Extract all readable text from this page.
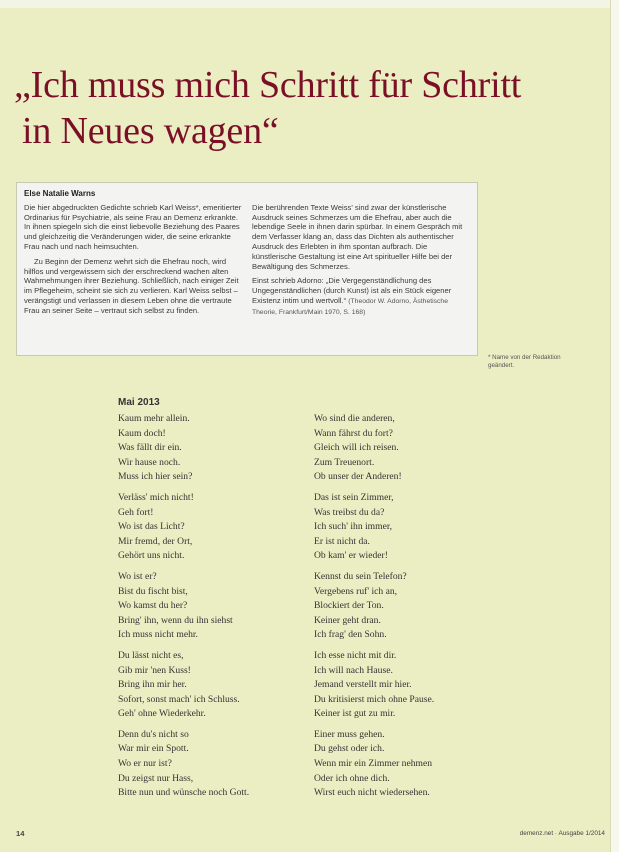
„Ich muss mich Schritt für Schritt
in Neues wagen“
Else Natalie Warns

Die hier abgedruckten Gedichte schrieb Karl Weiss*, emeritierter Ordinarius für Psychiatrie, als seine Frau an Demenz erkrankte. In ihnen spiegeln sich die einst liebevolle Beziehung des Paares und gleichzeitig die Veränderungen wider, die seine erkrankte Frau nach und nach heimsuchten.

Zu Beginn der Demenz wehrt sich die Ehefrau noch, wird hilflos und vergewissern sich der erschreckend wachen alten Wahrnehmungen ihrer Beziehung. Schließlich, nach einiger Zeit im Pflegeheim, scheint sie sich zu verlieren. Karl Weiss selbst – verängstigt und verlassen in diesem Leben ohne die vertraute Frau an seiner Seite – vertraut sich selbst zu finden.

Die berührenden Texte Weiss' sind zwar der künstlerische Ausdruck seines Schmerzes um die Ehefrau, aber auch die lebendige Seele in ihnen darin spürbar. In einem Gespräch mit dem Verfasser klang an, dass das Dichten als authentischer Ausdruck des Erlebten in ihm spontan aufbrach. Die künstlerische Gestaltung ist eine Art spiritueller Hilfe bei der Bewältigung des Schmerzes.

Einst schrieb Adorno: „Die Vergegenständlichung des Ungegenständlichen (durch Kunst) ist als ein Stück eigener Existenz intim und wertvoll.“ (Theodor W. Adorno, Ästhetische Theorie, Frankfurt/Main 1970, S. 168)

* Name von der Redaktion geändert.
Mai 2013
Kaum mehr allein.
Kaum doch!
Was fällt dir ein.
Wir hause noch.
Muss ich hier sein?
Verläss' mich nicht!
Geh fort!
Wo ist das Licht?
Mir fremd, der Ort,
Gehört uns nicht.
Wo ist er?
Bist du fischt bist,
Wo kamst du her?
Bring' ihn, wenn du ihn siehst
Ich muss nicht mehr.
Du lässt nicht es,
Gib mir 'nen Kuss!
Bring ihn mir her.
Sofort, sonst mach' ich Schluss.
Geh' ohne Wiederkehr.
Denn du's nicht so
War mir ein Spott.
Wo er nur ist?
Du zeigst nur Hass,
Bitte nun und wünsche noch Gott.
Wo sind die anderen,
Wann fährst du fort?
Gleich will ich reisen.
Zum Treuenort.
Ob unser der Anderen!
Das ist sein Zimmer,
Was treibst du da?
Ich such' ihn immer,
Er ist nicht da.
Ob kam' er wieder!
Kennst du sein Telefon?
Vergebens ruf' ich an,
Blockiert der Ton.
Keiner geht dran.
Ich frag' den Sohn.
Ich esse nicht mit dir.
Ich will nach Hause.
Jemand verstellt mir hier.
Du kritisierst mich ohne Pause.
Keiner ist gut zu mir.
Einer muss gehen.
Du gehst oder ich.
Wenn mir ein Zimmer nehmen
Oder ich ohne dich.
Wirst euch nicht wiedersehen.
14	demenz.net · Ausgabe 1/2014
